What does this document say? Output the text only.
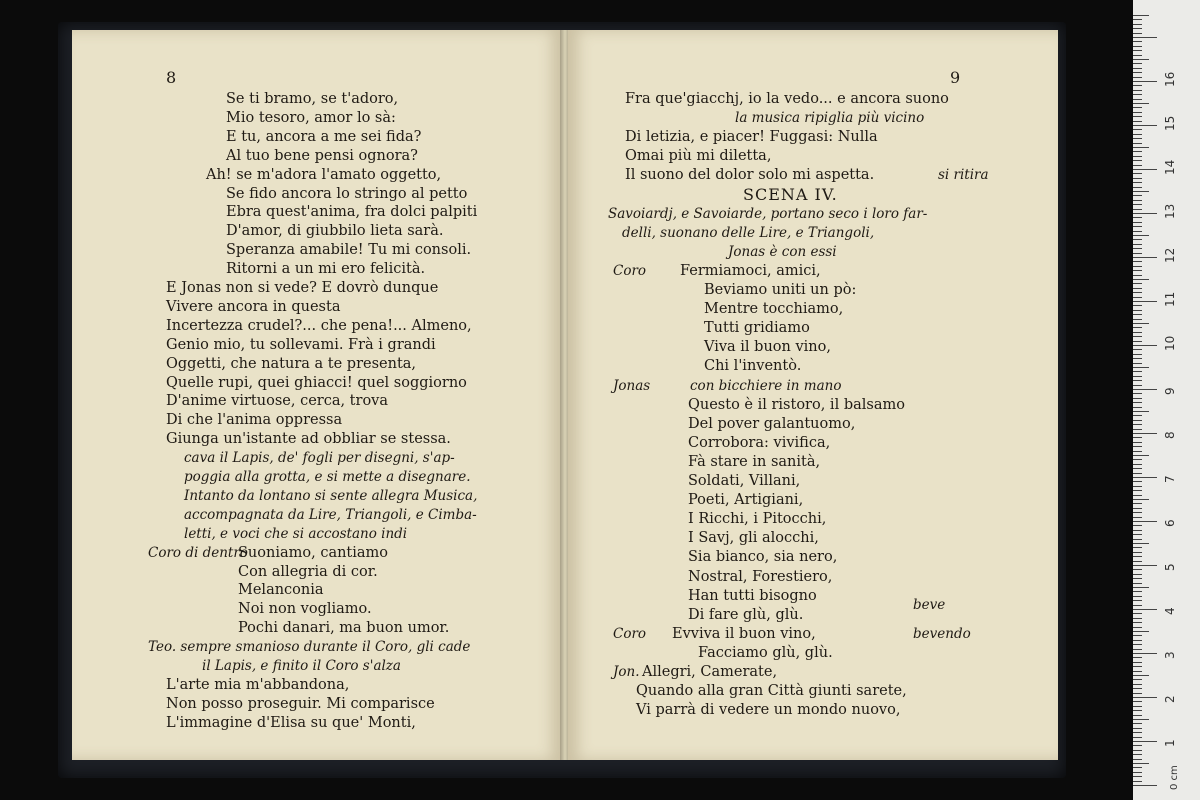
8
Se ti bramo, se t'adoro,
Mio tesoro, amor lo sà:
E tu, ancora a me sei fida?
Al tuo bene pensi ognora?
Ah! se m'adora l'amato oggetto,
Se fido ancora lo stringo al petto
Ebra quest'anima, fra dolci palpiti
D'amor, di giubbilo lieta sarà.
Speranza amabile! Tu mi consoli.
Ritorni a un mi ero felicità.
E Jonas non si vede? E dovrò dunque
Vivere ancora in questa
Incertezza crudel?... che pena!... Almeno,
Genio mio, tu sollevami. Frà i grandi
Oggetti, che natura a te presenta,
Quelle rupi, quei ghiacci! quel soggiorno
D'anime virtuose, cerca, trova
Di che l'anima oppressa
Giunga un'istante ad obbliar se stessa.
cava il Lapis, de' fogli per disegni, s'ap-
poggia alla grotta, e si mette a disegnare.
Intanto da lontano si sente allegra Musica,
accompagnata da Lire, Triangoli, e Cimba-
letti, e voci che si accostano indi
Suoniamo, cantiamo
Coro di dentro
Con allegria di cor.
Melanconia
Noi non vogliamo.
Pochi danari, ma buon umor.
Teo. sempre smanioso durante il Coro, gli cade
il Lapis, e finito il Coro s'alza
L'arte mia m'abbandona,
Non posso proseguir. Mi comparisce
L'immagine d'Elisa su que' Monti,
9
Fra que'giacchj, io la vedo... e ancora suono
la musica ripiglia più vicino
Di letizia, e piacer! Fuggasi: Nulla
Omai più mi diletta,
Il suono del dolor solo mi aspetta.	si ritira
SCENA IV.
Savoiardj, e Savoiarde, portano seco i loro far-
delli, suonano delle Lire, e Triangoli,
Jonas è con essi
Fermiamoci, amici,
Coro
Beviamo uniti un pò:
Mentre tocchiamo,
Tutti gridiamo
Viva il buon vino,
Chi l'inventò.
con bicchiere in mano
Jonas
Questo è il ristoro, il balsamo
Del pover galantuomo,
Corrobora: vivifica,
Fà stare in sanità,
Soldati, Villani,
Poeti, Artigiani,
I Ricchi, i Pitocchi,
I Savj, gli alocchi,
Sia bianco, sia nero,
Nostral, Forestiero,
Han tutti bisogno
Di fare glù, glù.
beve
Evviva il buon vino,
Coro	bevendo
Facciamo glù, glù.
Allegri, Camerate,
Jon.
Quando alla gran Città giunti sarete,
Vi parrà di vedere un mondo nuovo,
1
2
3
4
5
6
7
8
9
10
11
12
13
14
15
16
0 cm
